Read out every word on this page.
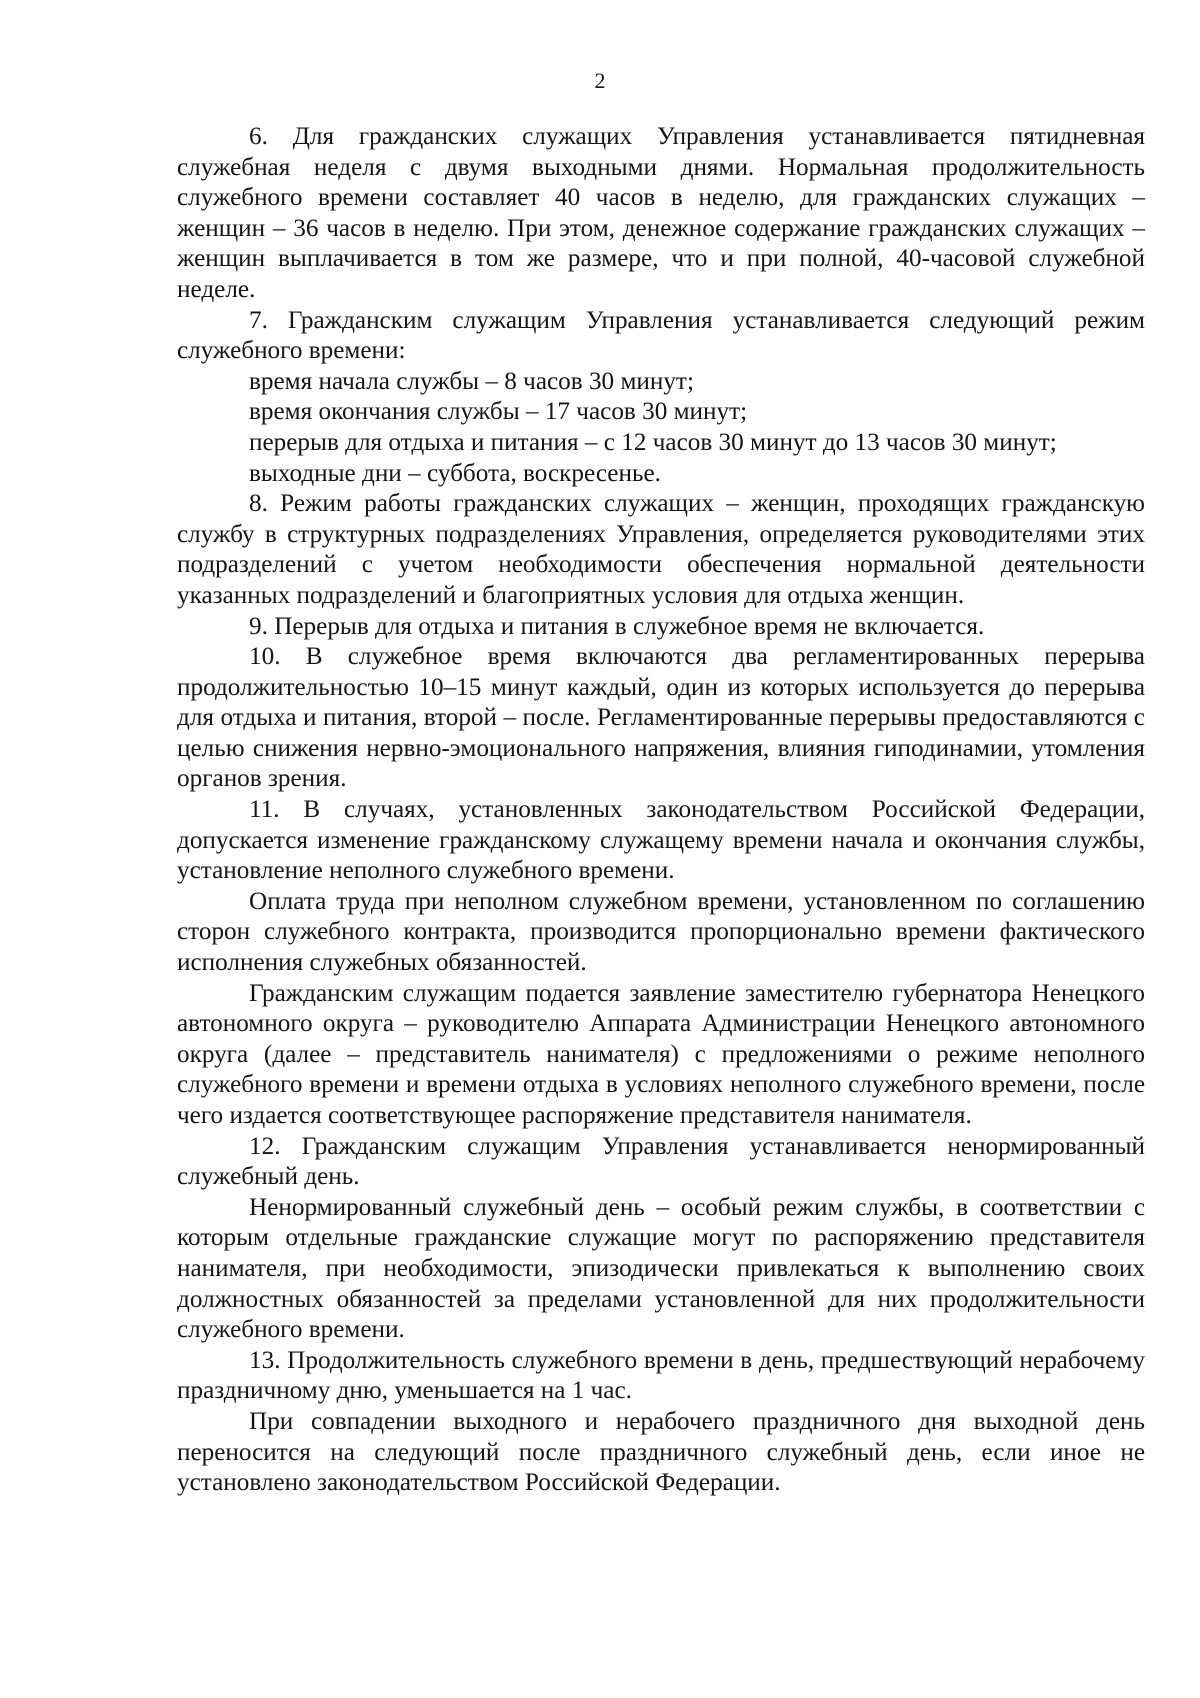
2

6. Для гражданских служащих Управления устанавливается пятидневная служебная неделя с двумя выходными днями. Нормальная продолжительность служебного времени составляет 40 часов в неделю, для гражданских служащих – женщин – 36 часов в неделю. При этом, денежное содержание гражданских служащих – женщин выплачивается в том же размере, что и при полной, 40-часовой служебной неделе.

7. Гражданским служащим Управления устанавливается следующий режим служебного времени:

время начала службы – 8 часов 30 минут;

время окончания службы – 17 часов 30 минут;

перерыв для отдыха и питания – с 12 часов 30 минут до 13 часов 30 минут;

выходные дни – суббота, воскресенье.

8. Режим работы гражданских служащих – женщин, проходящих гражданскую службу в структурных подразделениях Управления, определяется руководителями этих подразделений с учетом необходимости обеспечения нормальной деятельности указанных подразделений и благоприятных условия для отдыха женщин.

9. Перерыв для отдыха и питания в служебное время не включается.

10. В служебное время включаются два регламентированных перерыва продолжительностью 10–15 минут каждый, один из которых используется до перерыва для отдыха и питания, второй – после. Регламентированные перерывы предоставляются с целью снижения нервно-эмоционального напряжения, влияния гиподинамии, утомления органов зрения.

11. В случаях, установленных законодательством Российской Федерации, допускается изменение гражданскому служащему времени начала и окончания службы, установление неполного служебного времени.

Оплата труда при неполном служебном времени, установленном по соглашению сторон служебного контракта, производится пропорционально времени фактического исполнения служебных обязанностей.

Гражданским служащим подается заявление заместителю губернатора Ненецкого автономного округа – руководителю Аппарата Администрации Ненецкого автономного округа (далее – представитель нанимателя) с предложениями о режиме неполного служебного времени и времени отдыха в условиях неполного служебного времени, после чего издается соответствующее распоряжение представителя нанимателя.

12. Гражданским служащим Управления устанавливается ненормированный служебный день.

Ненормированный служебный день – особый режим службы, в соответствии с которым отдельные гражданские служащие могут по распоряжению представителя нанимателя, при необходимости, эпизодически привлекаться к выполнению своих должностных обязанностей за пределами установленной для них продолжительности служебного времени.

13. Продолжительность служебного времени в день, предшествующий нерабочему праздничному дню, уменьшается на 1 час.

При совпадении выходного и нерабочего праздничного дня выходной день переносится на следующий после праздничного служебный день, если иное не установлено законодательством Российской Федерации.
